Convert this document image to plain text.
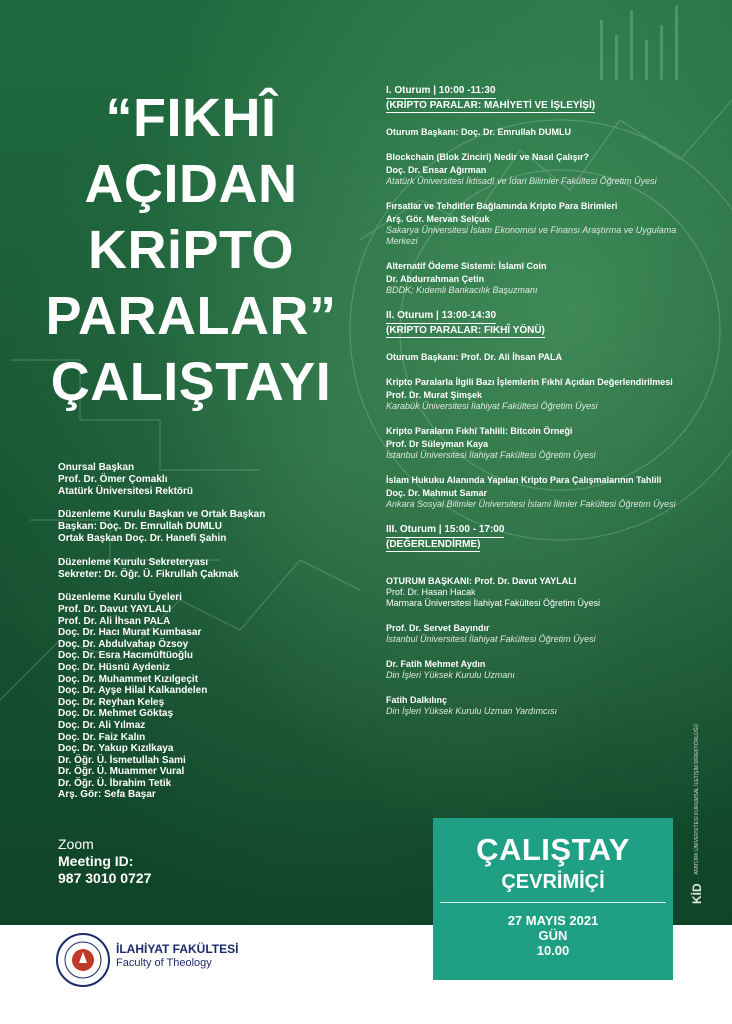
“FIKHÎ
AÇIDAN
KRiPTO
PARALAR”
ÇALIŞTAYI
Onursal Başkan
Prof. Dr. Ömer Çomaklı
Atatürk Üniversitesi Rektörü
Düzenleme Kurulu Başkan ve Ortak Başkan
Başkan: Doç. Dr. Emrullah DUMLU
Ortak Başkan Doç. Dr. Hanefi Şahin
Düzenleme Kurulu Sekreteryası
Sekreter: Dr. Öğr. Ü. Fikrullah Çakmak
Düzenleme Kurulu Üyeleri
Prof. Dr. Davut YAYLALI
Prof. Dr. Ali İhsan PALA
Doç. Dr. Hacı Murat Kumbasar
Doç. Dr. Abdulvahap Özsoy
Doç. Dr. Esra Hacımüftüoğlu
Doç. Dr. Hüsnü Aydeniz
Doç. Dr. Muhammet Kızılgeçit
Doç. Dr. Ayşe Hilal Kalkandelen
Doç. Dr. Reyhan Keleş
Doç. Dr. Mehmet Göktaş
Doç. Dr. Ali Yılmaz
Doç. Dr. Faiz Kalın
Doç. Dr. Yakup Kızılkaya
Dr. Öğr. Ü. İsmetullah Sami
Dr. Öğr. Ü. Muammer Vural
Dr. Öğr. Ü. İbrahim Tetik
Arş. Gör: Sefa Başar
Zoom
Meeting ID:
987 3010 0727
I. Oturum | 10:00 -11:30
(KRİPTO PARALAR: MAHİYETİ VE İŞLEYİŞİ)
Oturum Başkanı: Doç. Dr. Emrullah DUMLU
Blockchain (Blok Zinciri) Nedir ve Nasıl Çalışır?
Doç. Dr. Ensar Ağırman
Atatürk Üniversitesi İktisadî ve İdari Bilimler Fakültesi Öğretim Üyesi
Fırsatlar ve Tehditler Bağlamında Kripto Para Birimleri
Arş. Gör. Mervan Selçuk
Sakarya Üniversitesi İslam Ekonomisi ve Finansı Araştırma ve Uygulama Merkezi
Alternatif Ödeme Sistemi: İslamî Coin
Dr. Abdurrahman Çetin
BDDK; Kıdemli Bankacılık Başuzmanı
II. Oturum | 13:00-14:30
(KRİPTO PARALAR: FIKHÎ YÖNÜ)
Oturum Başkanı: Prof. Dr. Ali İhsan PALA
Kripto Paralarla İlgili Bazı İşlemlerin Fıkhî Açıdan Değerlendirilmesi
Prof. Dr. Murat Şimşek
Karabük Üniversitesi İlahiyat Fakültesi Öğretim Üyesi
Kripto Paraların Fıkhî Tahlili: Bitcoin Örneği
Prof. Dr Süleyman Kaya
İstanbul Üniversitesi İlahiyat Fakültesi Öğretim Üyesi
İslam Hukuku Alanında Yapılan Kripto Para Çalışmalarının Tahlili
Doç. Dr. Mahmut Samar
Ankara Sosyal Bilimler Üniversitesi İslami İlimler Fakültesi Öğretim Üyesi
III. Oturum | 15:00 - 17:00
(DEĞERLENDİRME)
OTURUM BAŞKANI: Prof. Dr. Davut YAYLALI
Prof. Dr. Hasan Hacak
Marmara Üniversitesi İlahiyat Fakültesi Öğretim Üyesi
Prof. Dr. Servet Bayındır
İstanbul Üniversitesi İlahiyat Fakültesi Öğretim Üyesi
Dr. Fatih Mehmet Aydın
Din İşleri Yüksek Kurulu Uzmanı
Fatih Dalkılınç
Din İşleri Yüksek Kurulu Uzman Yardımcısı
KİD  ATATÜRK ÜNİVERSİTESİ KURUMSAL İLETİŞİM DİREKTÖRLÜĞÜ
İLAHİYAT FAKÜLTESİ
Faculty of Theology
ÇALIŞTAY
ÇEVRİMİÇİ
27 MAYIS 2021
GÜN
10.00
